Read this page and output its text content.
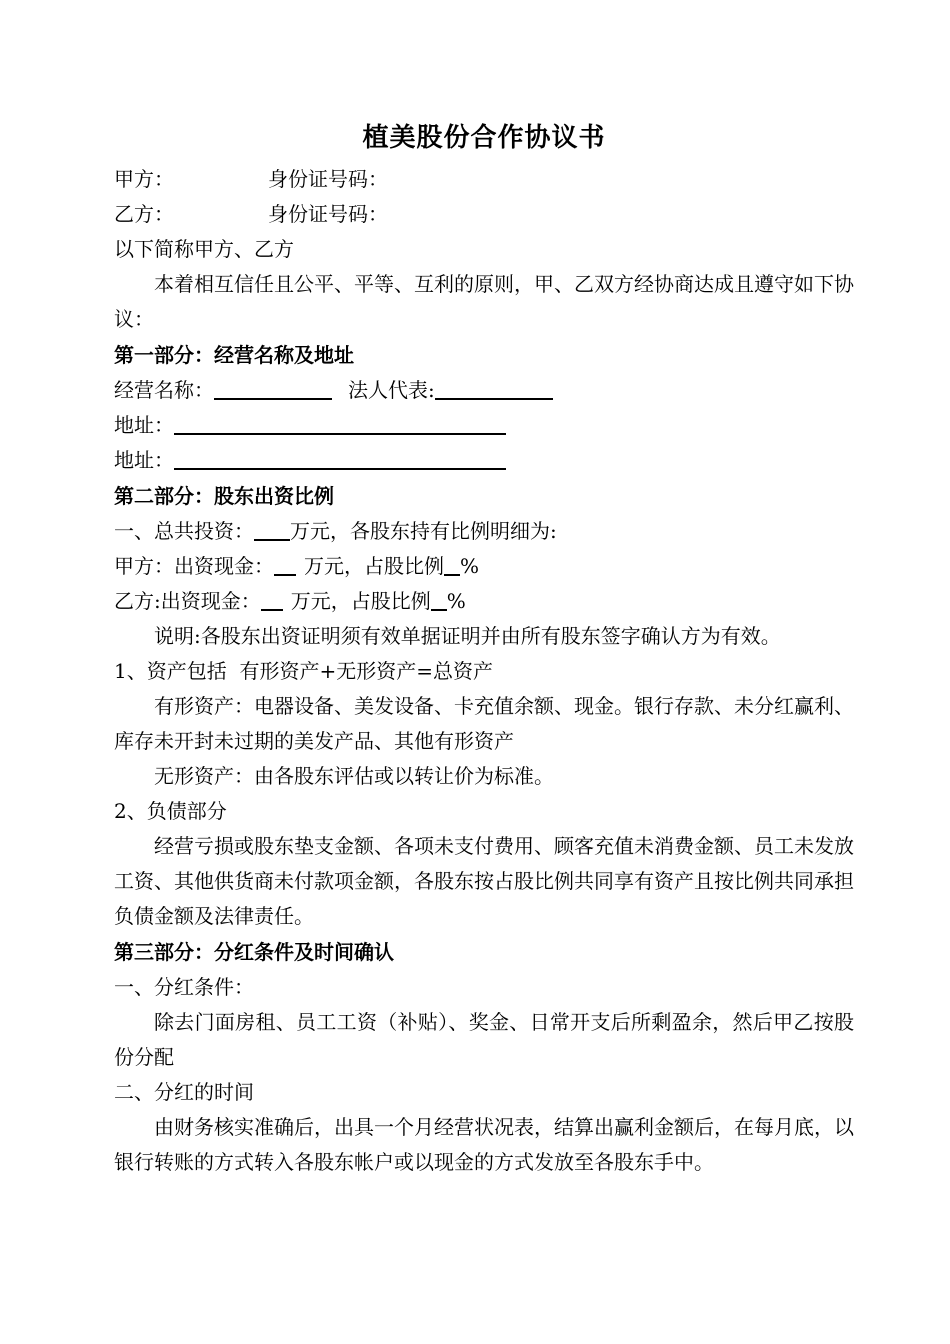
植美股份合作协议书

甲方：	身份证号码：

乙方：	身份证号码：

以下简称甲方、乙方

本着相互信任且公平、平等、互利的原则，甲、乙双方经协商达成且遵守如下协议：

第一部分：经营名称及地址

经营名称：	法人代表:

地址：

地址：

第二部分：股东出资比例

一、总共投资： 万元，各股东持有比例明细为:

甲方：出资现金： 万元，占股比例 %

乙方:出资现金： 万元，占股比例 %

说明:各股东出资证明须有效单据证明并由所有股东签字确认方为有效。

1、资产包括  有形资产+无形资产=总资产

有形资产：电器设备、美发设备、卡充值余额、现金。银行存款、未分红赢利、库存未开封未过期的美发产品、其他有形资产

无形资产：由各股东评估或以转让价为标准。

2、负债部分

经营亏损或股东垫支金额、各项未支付费用、顾客充值未消费金额、员工未发放工资、其他供货商未付款项金额，各股东按占股比例共同享有资产且按比例共同承担负债金额及法律责任。

第三部分：分红条件及时间确认

一、分红条件：

除去门面房租、员工工资（补贴）、奖金、日常开支后所剩盈余，然后甲乙按股份分配

二、分红的时间

由财务核实准确后，出具一个月经营状况表，结算出赢利金额后，在每月底，以银行转账的方式转入各股东帐户或以现金的方式发放至各股东手中。
